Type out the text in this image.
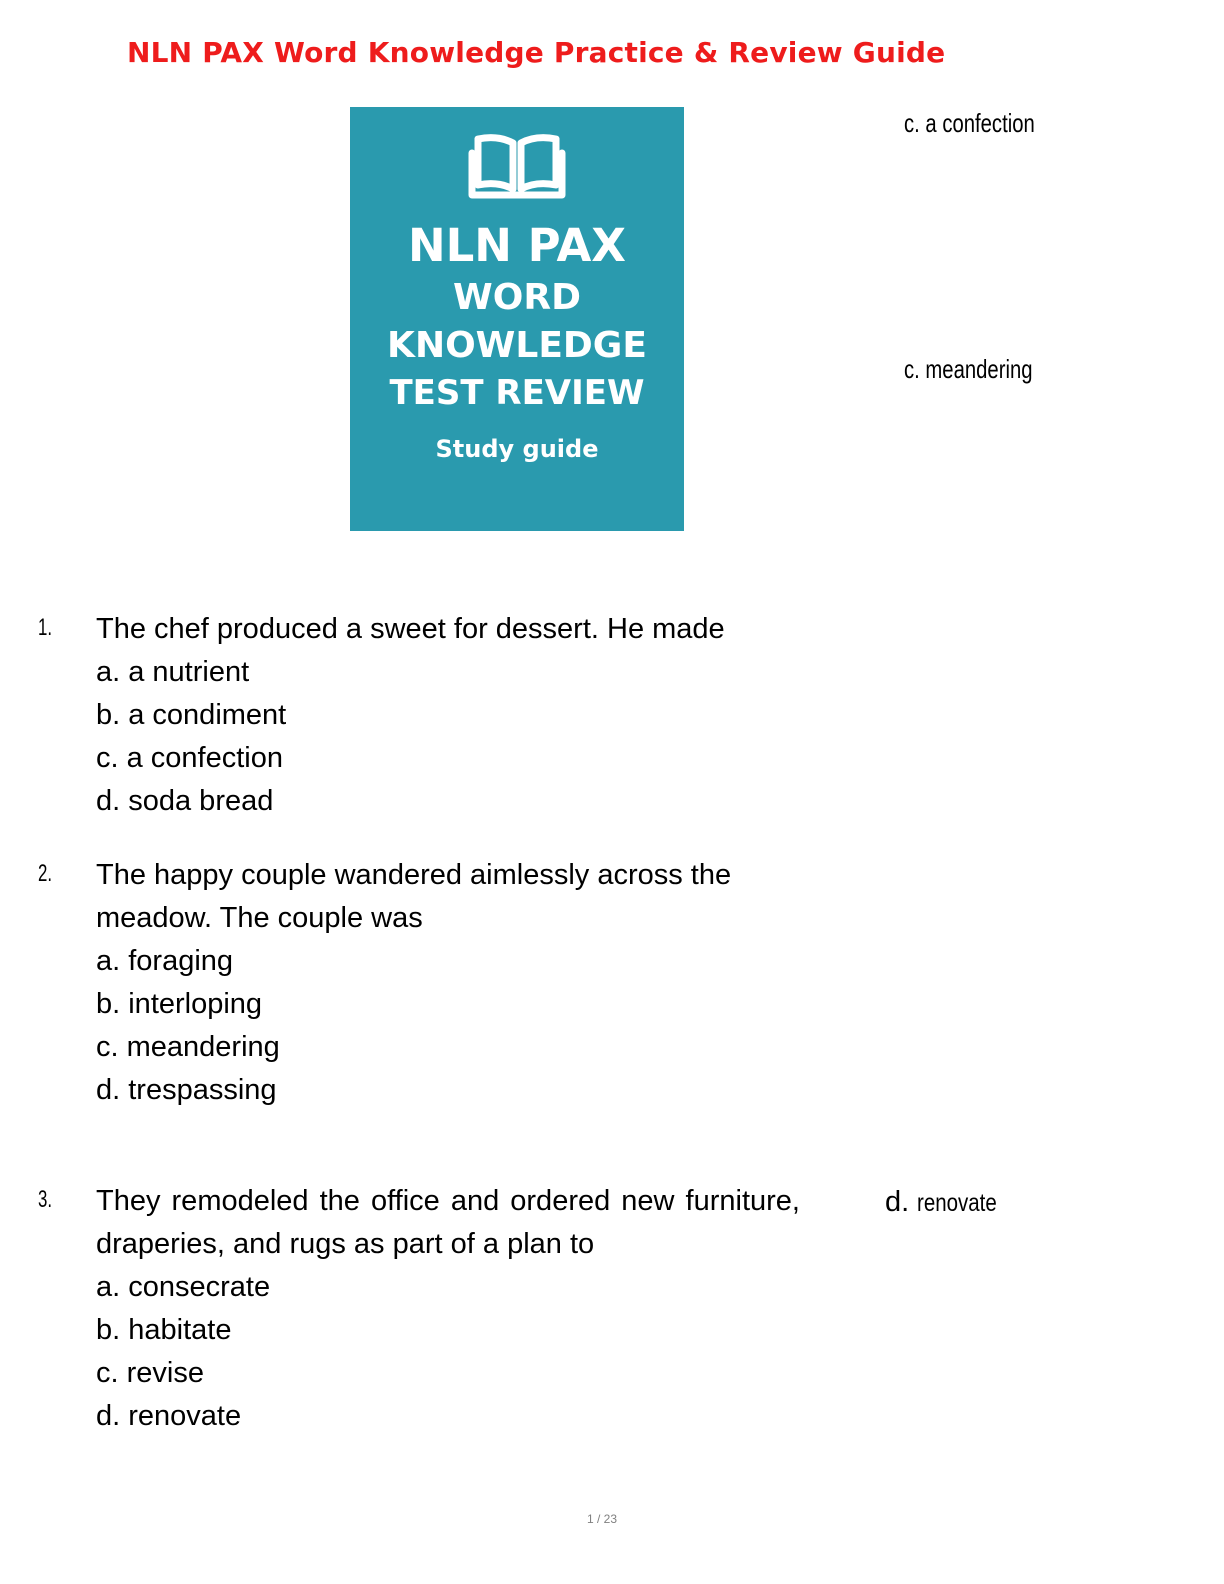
NLN PAX Word Knowledge Practice & Review Guide
NLN PAX
WORD
KNOWLEDGE
TEST REVIEW
Study guide
c. a confection
c. meandering
1. The chef produced a sweet for dessert. He made
a. a nutrient
b. a condiment
c. a confection
d. soda bread
2. The happy couple wandered aimlessly across the
meadow. The couple was
a. foraging
b. interloping
c. meandering
d. trespassing
3. They remodeled the office and ordered new furniture,	d. renovate
draperies, and rugs as part of a plan to
a. consecrate
b. habitate
c. revise
d. renovate
1 / 23
